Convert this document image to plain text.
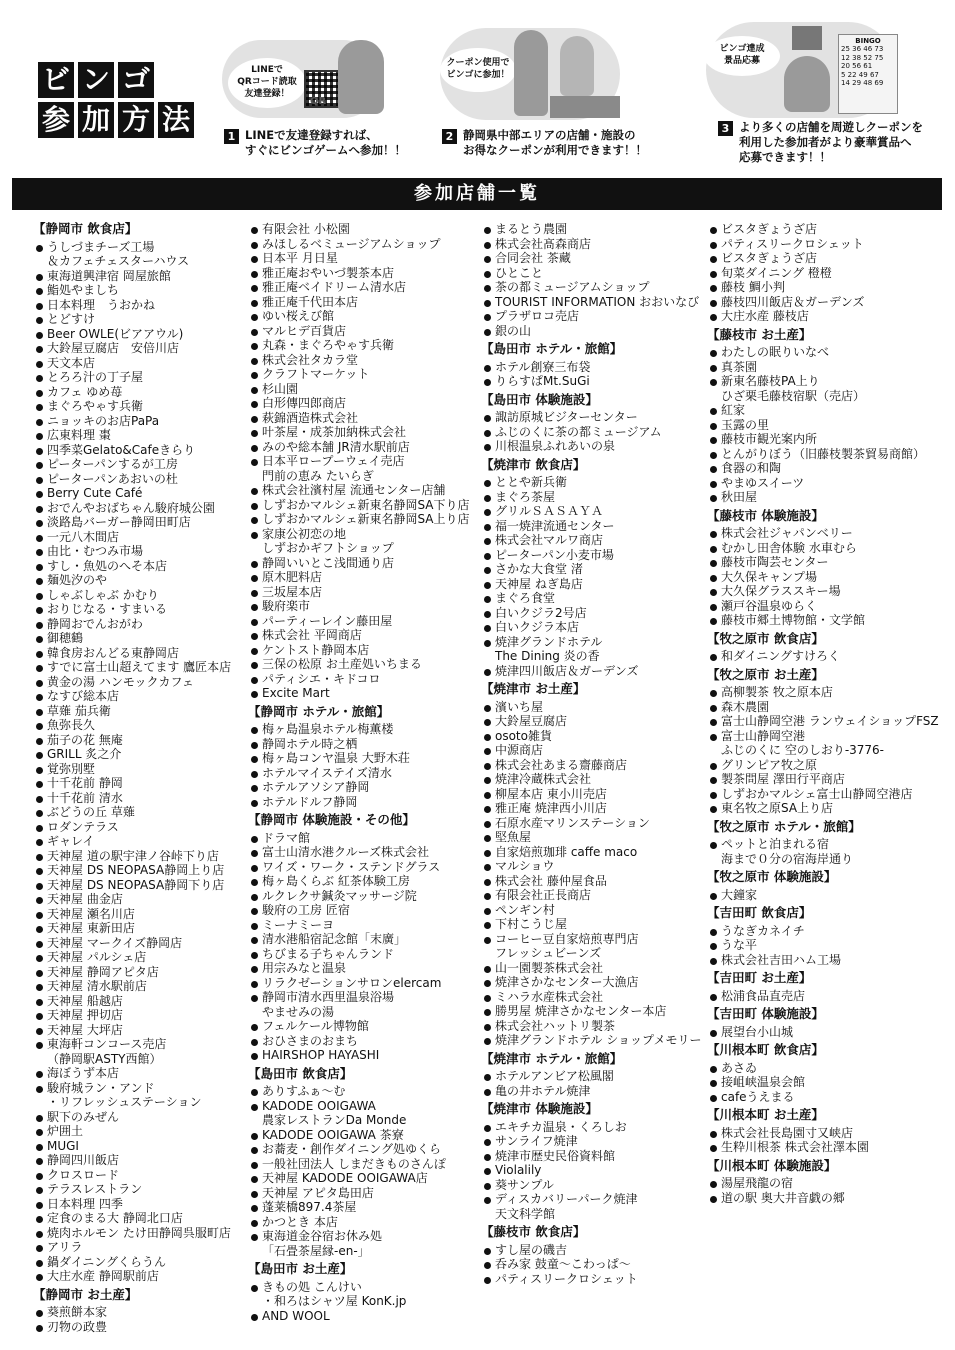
ビ ン ゴ
参 加 方 法
LINEで
QRコード読取
友達登録！
QR
1 LINEで友達登録すれば、
すぐにビンゴゲームへ参加！！
クーポン使用で
ビンゴに参加！
2 静岡県中部エリアの店舗・施設の
お得なクーポンが利用できます！！
ビンゴ達成
景品応募
BINGO
25 36 46 73
12 38 52 75
20 56 61
5 22 49 67
14 29 48 69
3 より多くの店舗を周遊しクーポンを
利用した参加者がより豪華賞品へ
応募できます！！
参加店舗一覧
【静岡市 飲食店】
うしづまチーズ工場
＆カフェチェスターハウス
東海道興津宿 岡屋旅館
鮨処やましち
日本料理　うおかね
とどすけ
Beer OWLE(ビアアウル)
大鈴屋豆腐店　安倍川店
天文本店
とろろ汁の丁子屋
カフェ ゆめ苺
まぐろやゃす兵衛
ニョッキのお店PaPa
広東料理 棗
四季菜Gelato&Cafeきらり
ピーターパンするが工房
ピーターパンあおいの杜
Berry Cute Café
おでんやおばちゃん駿府城公園
淡路島バーガー静岡田町店
一元八木間店
由比・むつみ市場
すし・魚処のへそ本店
麺処汐のや
しゃぶしゃぶ かむり
おりじなる・すまいる
静岡おでんおがわ
御穂鶴
韓食房おんどる東静岡店
すでに富士山超えてます 鷹匠本店
黄金の湯 ハンモックカフェ
なすび総本店
草薙 茄兵衛
魚弥長久
茄子の花 無庵
GRILL 炙之介
覚弥別墅
十千花前 静岡
十千花前 清水
ぶどうの丘 草薙
ロダンテラス
ギャレイ
天神屋 道の駅宇津ノ谷峠下り店
天神屋 DS NEOPASA静岡上り店
天神屋 DS NEOPASA静岡下り店
天神屋 曲金店
天神屋 瀬名川店
天神屋 東新田店
天神屋 マークイズ静岡店
天神屋 パルシェ店
天神屋 静岡アピタ店
天神屋 清水駅前店
天神屋 船越店
天神屋 押切店
天神屋 大坪店
東海軒コンコース売店
（静岡駅ASTY西館）
海ぼうず本店
駿府城ラン・アンド
・リフレッシュステーション
駅下のみぜん
炉囲土
MUGI
静岡四川飯店
クロスロード
テラスレストラン
日本料理 四季
定食のまる大 静岡北口店
焼肉ホルモン たけ田静岡呉服町店
アリラ
鍋ダイニングくらうん
大庄水産 静岡駅前店
【静岡市 お土産】
葵煎餅本家
刃物の政豊
有限会社 小松園
みほしるベミュージアムショップ
日本平 月日星
雅正庵おやいづ製茶本店
雅正庵ベイドリーム清水店
雅正庵千代田本店
ゆい桜えび館
マルヒデ百貨店
丸森・まぐろやゃす兵衛
株式会社タカラ堂
クラフトマーケット
杉山園
白形傳四郎商店
萩錦酒造株式会社
叶茶屋・成茶加納株式会社
みのや総本舗 JR清水駅前店
日本平ロープーウェイ売店
門前の恵み たいらぎ
株式会社濱村屋 流通センター店舗
しずおかマルシェ新東名静岡SA下り店
しずおかマルシェ新東名静岡SA上り店
家康公初恋の地
しずおかギフトショップ
静岡いいとこ浅間通り店
原木肥料店
三坂屋本店
駿府楽市
パーティーレイン藤田屋
株式会社 平岡商店
ケントスト静岡本店
三保の松原 お土産処いちまる
パティシエ・キドコロ
Excite Mart
【静岡市 ホテル・旅館】
梅ヶ島温泉ホテル梅薫楼
静岡ホテル時之栖
梅ヶ島コンヤ温泉 大野木荘
ホテルマイステイズ清水
ホテルアソシア静岡
ホテルドルフ静岡
【静岡市 体験施設・その他】
ドラマ館
富士山清水港クルーズ株式会社
ワイズ・ワーク・ステンドグラス
梅ヶ島くらぶ 紅茶体験工房
ルクレクサ鍼灸マッサージ院
駿府の工房 匠宿
ミーナミーヨ
清水港船宿記念館「末廣」
ちびまる子ちゃんランド
用宗みなと温泉
リラクゼーションサロンelercam
静岡市清水西里温泉浴場
やませみの湯
フェルケール博物館
おひさまのおまち
HAIRSHOP HAYASHI
【島田市 飲食店】
ありすふぁ～む
KADODE OOIGAWA
農家レストランDa Monde
KADODE OOIGAWA 茶寮
お蕎麦・創作ダイニング処ゆくら
一般社団法人 しまだきものさんぽ
天神屋 KADODE OOIGAWA店
天神屋 アピタ島田店
蓬莱橋897.4茶屋
かつとき 本店
東海道金谷宿お休み処
「石畳茶屋縁-en-」
【島田市 お土産】
きもの処 こんけい
・和ろはシャツ屋 KonK.jp
AND WOOL
まるとう農園
株式会社髙森商店
合同会社 茶藏
ひとこと
茶の都ミュージアムショップ
TOURIST INFORMATION おおいなび
プラザロコ売店
銀の山
【島田市 ホテル・旅館】
ホテル創寮三布袋
りらすぱMt.SuGi
【島田市 体験施設】
諏訪原城ビジターセンター
ふじのくに茶の都ミュージアム
川根温泉ふれあいの泉
【焼津市 飲食店】
ととや新兵衛
まぐろ茶屋
グリルＳＡＳＡＹＡ
福一焼津流通センター
株式会社マルワ商店
ピーターパン小麦市場
さかな大食堂 渚
天神屋 ねぎ島店
まぐろ食堂
白いクジラ2号店
白いクジラ本店
焼津グランドホテル
The Dining 炎の香
焼津四川飯店＆ガーデンズ
【焼津市 お土産】
濱いち屋
大鈴屋豆腐店
osoto雑貨
中源商店
株式会社あまる齋藤商店
焼津冷蔵株式会社
柳屋本店 東小川売店
雅正庵 焼津西小川店
石原水産マリンステーション
堅魚屋
自家焙煎珈琲 caffe maco
マルショウ
株式会社 藤仲屋食品
有限会社正長商店
ペンギン村
下村こうじ屋
コーヒー豆自家焙煎専門店
フレッシュビーンズ
山一園製茶株式会社
焼津さかなセンター大漁店
ミハラ水産株式会社
勝男屋 焼津さかなセンター本店
株式会社ハットリ製茶
焼津グランドホテル ショップメモリー
【焼津市 ホテル・旅館】
ホテルアンビア松風閣
亀の井ホテル焼津
【焼津市 体験施設】
エキチカ温泉・くろしお
サンライフ焼津
焼津市歴史民俗資料館
Violalily
葵サンプル
ディスカバリーパーク焼津
天文科学館
【藤枝市 飲食店】
すし屋の磯吉
呑み家 鼓童～こわっぱ～
パティスリークロシェット
ビスタぎょうざ店
パティスリークロシェット
ビスタぎょうざ店
旬菜ダイニング 橙橙
藤枝 鯛小判
藤枝四川飯店＆ガーデンズ
大庄水産 藤枝店
【藤枝市 お土産】
わたしの眠りいなべ
真茶園
新東名藤枝PA上り
ひざ栗毛藤枝宿駅（売店）
紅家
玉露の里
藤枝市観光案内所
とんがりぼう（旧藤枝製茶貿易商館）
食器の和陶
やまゆスイーツ
秋田屋
【藤枝市 体験施設】
株式会社ジャパンベリー
むかし田舎体験 水車むら
藤枝市陶芸センター
大久保キャンプ場
大久保グラススキー場
瀬戸谷温泉ゆらく
藤枝市郷土博物館・文学館
【牧之原市 飲食店】
和ダイニングすけろく
【牧之原市 お土産】
高柳製茶 牧之原本店
森木農園
富士山静岡空港 ランウェイショップFSZ
富士山静岡空港
ふじのくに 空のしおり-3776-
グリンピア牧之原
製茶問屋 澤田行平商店
しずおかマルシェ富士山静岡空港店
東名牧之原SA上り店
【牧之原市 ホテル・旅館】
ペットと泊まれる宿
海まで０分の宿海岸通り
【牧之原市 体験施設】
大鐘家
【吉田町 飲食店】
うなぎカネイチ
うな平
株式会社吉田ハム工場
【吉田町 お土産】
松浦食品直売店
【吉田町 体験施設】
展望台小山城
【川根本町 飲食店】
あさゐ
接岨峡温泉会館
cafeうえまる
【川根本町 お土産】
株式会社長島園寸又峡店
生粋川根茶 株式会社澤本園
【川根本町 体験施設】
湯屋飛龍の宿
道の駅 奥大井音戯の郷
